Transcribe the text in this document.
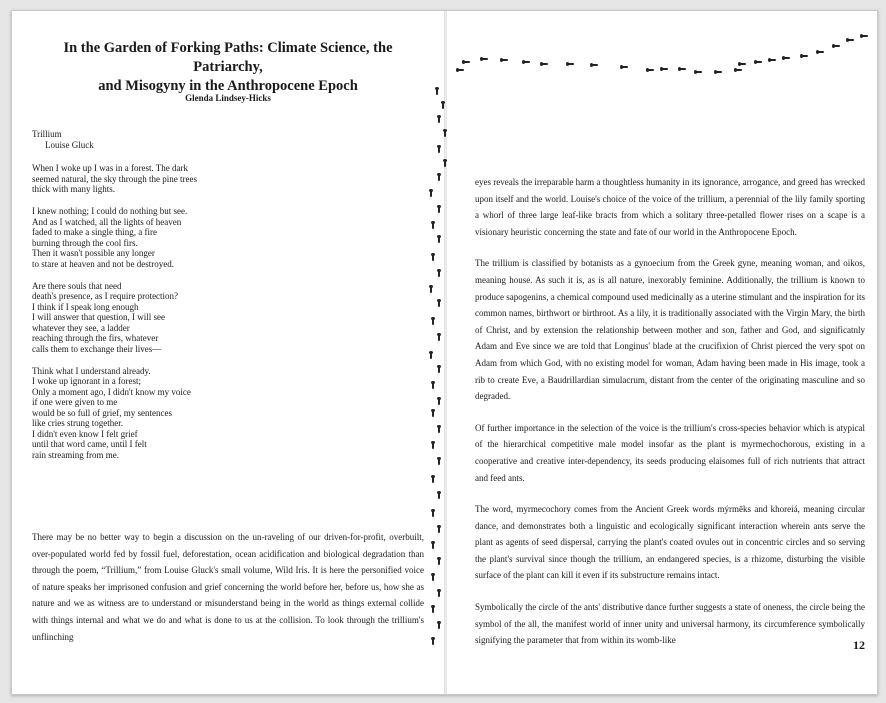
In the Garden of Forking Paths: Climate Science, the Patriarchy,
and Misogyny in the Anthropocene Epoch
Glenda Lindsey-Hicks
Trillium
Louise Gluck
When I woke up I was in a forest. The dark
seemed natural, the sky through the pine trees
thick with many lights.
I knew nothing; I could do nothing but see.
And as I watched, all the lights of heaven
faded to make a single thing, a fire
burning through the cool firs.
Then it wasn't possible any longer
to stare at heaven and not be destroyed.
Are there souls that need
death's presence, as I require protection?
I think if I speak long enough
I will answer that question, I will see
whatever they see, a ladder
reaching through the firs, whatever
calls them to exchange their lives—
Think what I understand already.
I woke up ignorant in a forest;
Only a moment ago, I didn't know my voice
if one were given to me
would be so full of grief, my sentences
like cries strung together.
I didn't even know I felt grief
until that word came, until I felt
rain streaming from me.

There may be no better way to begin a discussion on the un-raveling of our driven-for-profit, overbuilt, over-populated world fed by fossil fuel, deforestation, ocean acidification and biological degradation than through the poem, “Trillium,” from Louise Gluck's small volume, Wild Iris. It is here the personified voice of nature speaks her imprisoned confusion and grief concerning the world before her, before us, how she as nature and we as witness are to understand or misunderstand being in the world as things external collide with things internal and what we do and what is done to us at the collision. To look through the trillium's unflinching

eyes reveals the irreparable harm a thoughtless humanity in its ignorance, arrogance, and greed has wrecked upon itself and the world. Louise's choice of the voice of the trillium, a perennial of the lily family sporting a whorl of three large leaf-like bracts from which a solitary three-petalled flower rises on a scape is a visionary heuristic concerning the state and fate of our world in the Anthropocene Epoch.

The trillium is classified by botanists as a gynoecium from the Greek gyne, meaning woman, and oikos, meaning house. As such it is, as is all nature, inexorably feminine. Additionally, the trillium is known to produce sapogenins, a chemical compound used medicinally as a uterine stimulant and the inspiration for its common names, birthwort or birthroot. As a lily, it is traditionally associated with the Virgin Mary, the birth of Christ, and by extension the relationship between mother and son, father and God, and significatnly Adam and Eve since we are told that Longinus' blade at the crucifixion of Christ pierced the very spot on Adam from which God, with no existing model for woman, Adam having been made in His image, took a rib to create Eve, a Baudrillardian simulacrum, distant from the center of the originating masculine and so degraded.

Of further importance in the selection of the voice is the trillium's cross-species behavior which is atypical of the hierarchical competitive male model insofar as the plant is myrmechochorous, existing in a cooperative and creative inter-dependency, its seeds producing elaisomes full of rich nutrients that attract and feed ants.

The word, myrmecochory comes from the Ancient Greek words mýrmēks and khoreiá, meaning circular dance, and demonstrates both a linguistic and ecologically significant interaction wherein ants serve the plant as agents of seed dispersal, carrying the plant's coated ovules out in concentric circles and so serving the plant's survival since though the trillium, an endangered species, is a rhizome, disturbing the visible surface of the plant can kill it even if its substructure remains intact.

Symbolically the circle of the ants' distributive dance further suggests a state of oneness, the circle being the symbol of the all, the manifest world of inner unity and universal harmony, its circumference symbolically signifying the parameter that from within its womb-like	12
